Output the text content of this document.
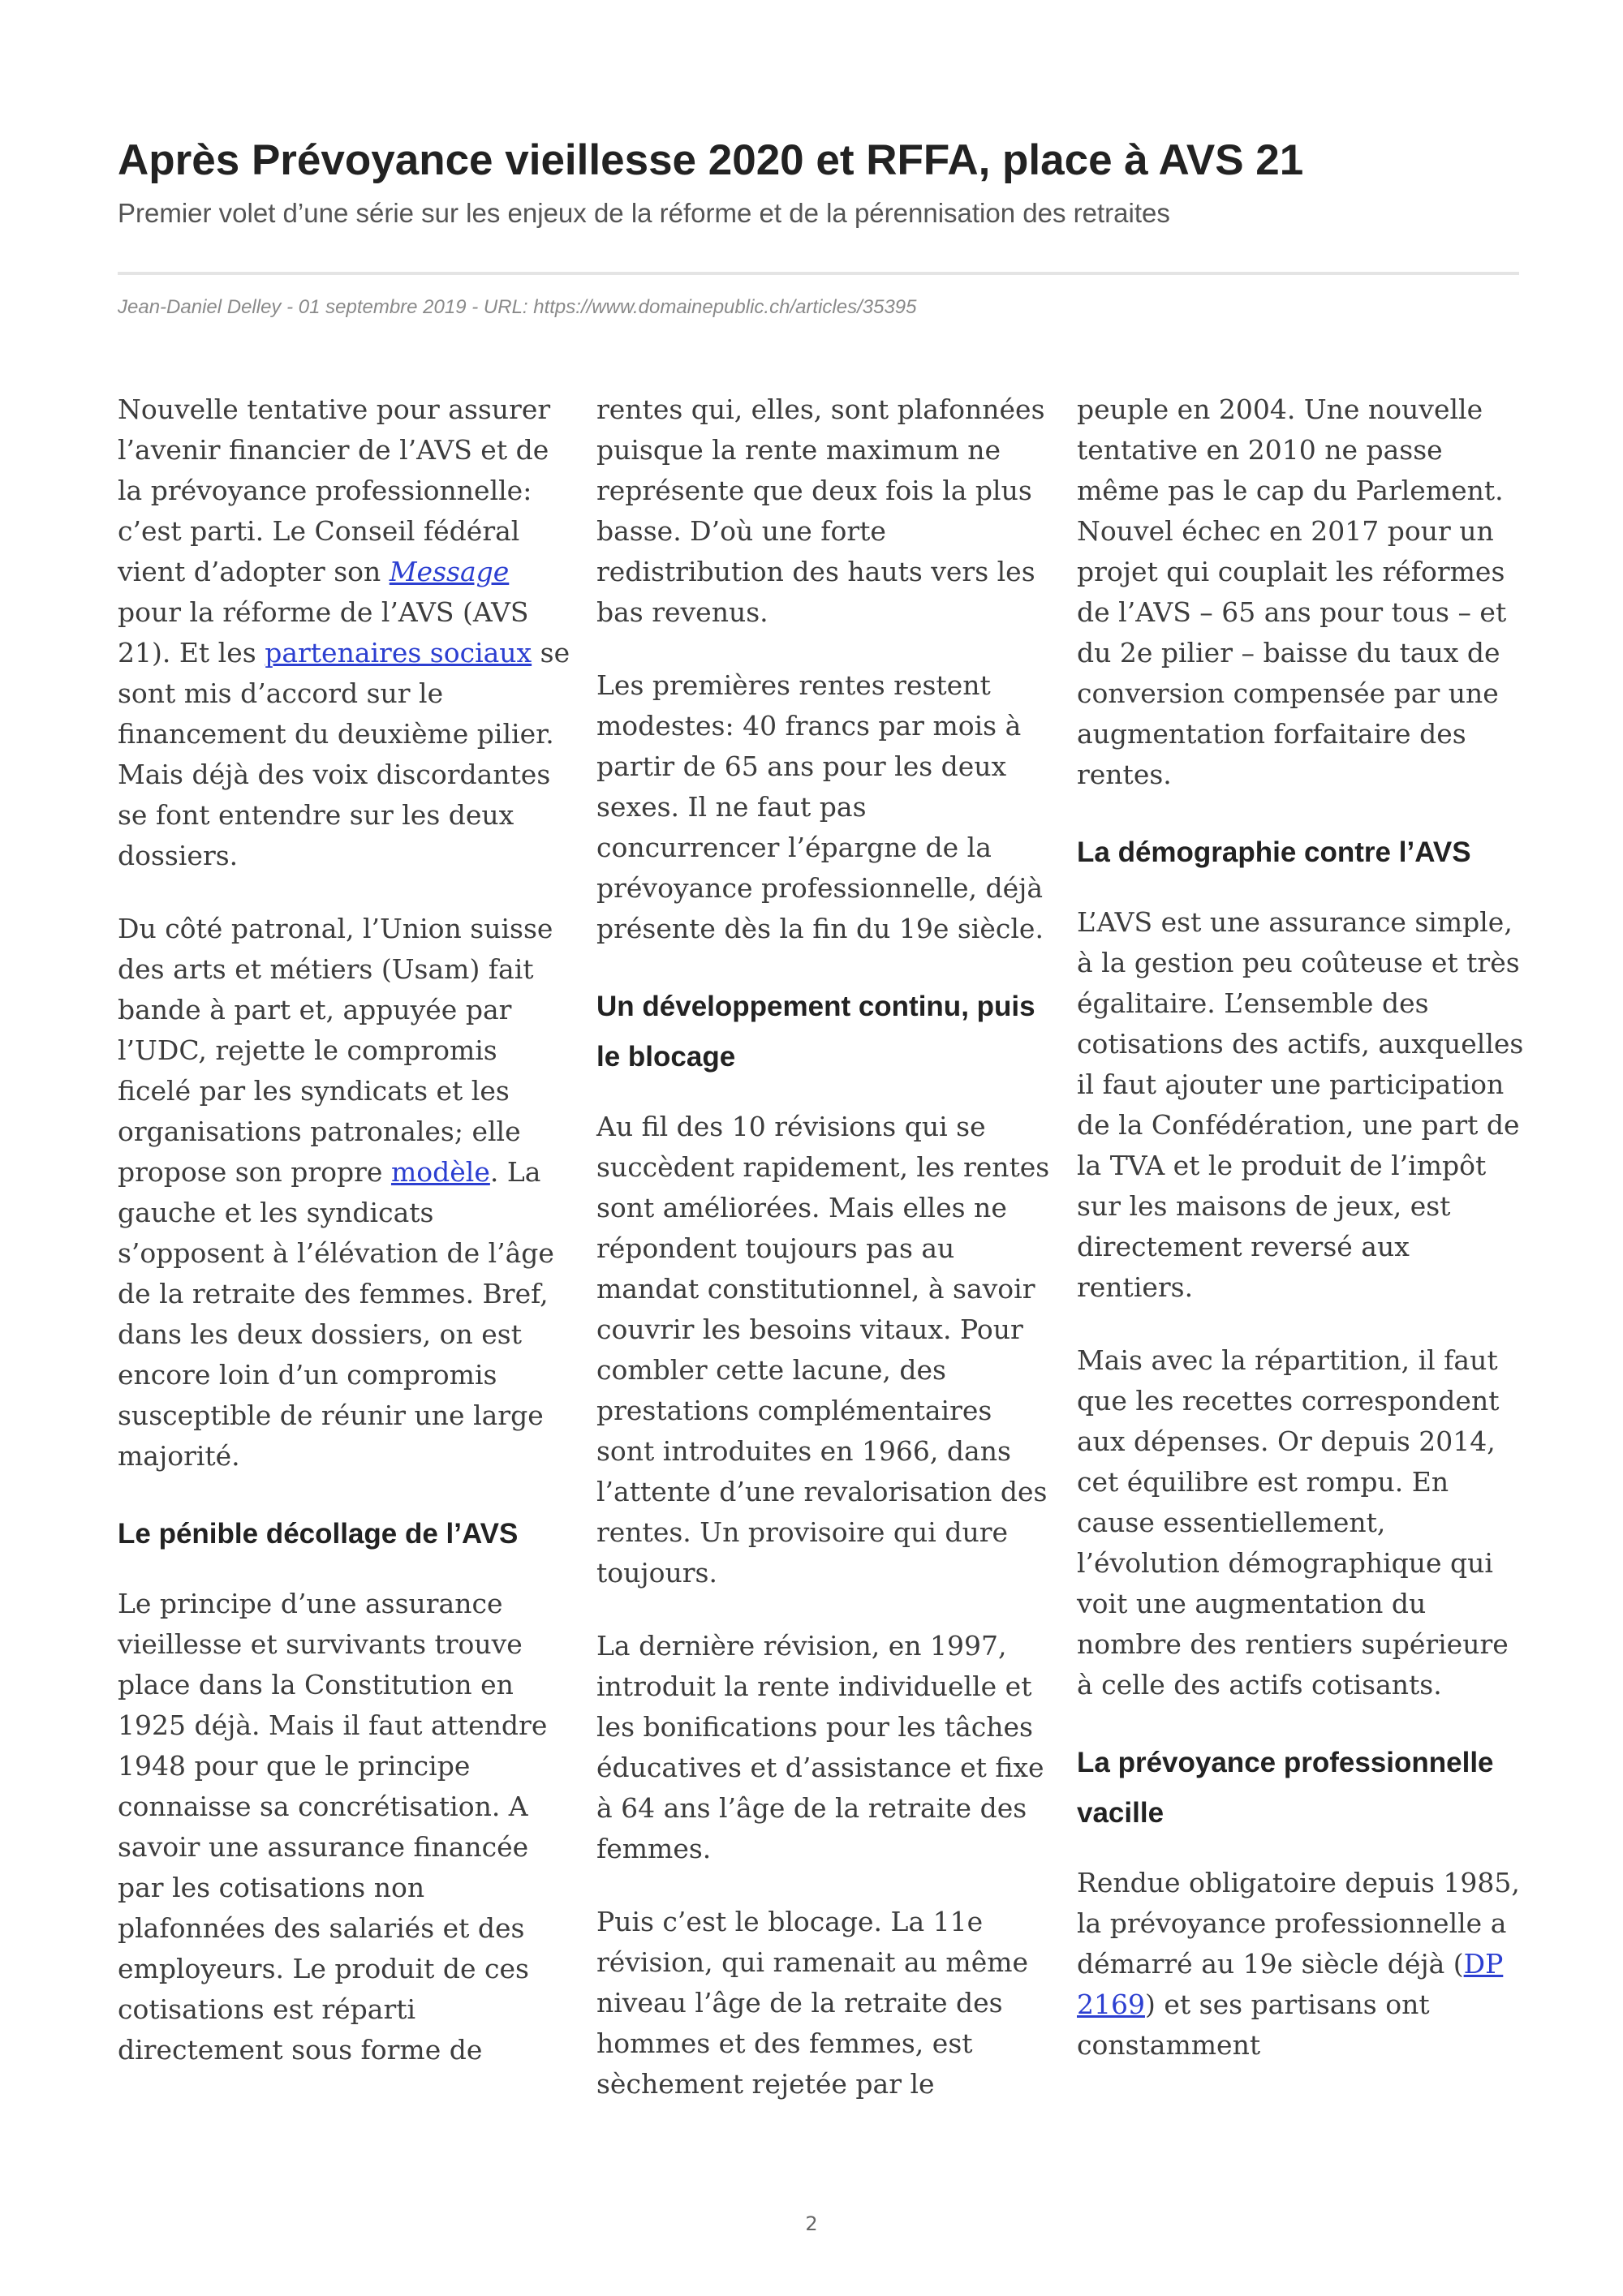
Après Prévoyance vieillesse 2020 et RFFA, place à AVS 21

Premier volet d’une série sur les enjeux de la réforme et de la pérennisation des retraites

Jean-Daniel Delley - 01 septembre 2019 - URL: https://www.domainepublic.ch/articles/35395

Nouvelle tentative pour assurer l’avenir financier de l’AVS et de la prévoyance professionnelle: c’est parti. Le Conseil fédéral vient d’adopter son Message pour la réforme de l’AVS (AVS 21). Et les partenaires sociaux se sont mis d’accord sur le financement du deuxième pilier. Mais déjà des voix discordantes se font entendre sur les deux dossiers.

Du côté patronal, l’Union suisse des arts et métiers (Usam) fait bande à part et, appuyée par l’UDC, rejette le compromis ficelé par les syndicats et les organisations patronales; elle propose son propre modèle. La gauche et les syndicats s’opposent à l’élévation de l’âge de la retraite des femmes. Bref, dans les deux dossiers, on est encore loin d’un compromis susceptible de réunir une large majorité.

Le pénible décollage de l’AVS

Le principe d’une assurance vieillesse et survivants trouve place dans la Constitution en 1925 déjà. Mais il faut attendre 1948 pour que le principe connaisse sa concrétisation. A savoir une assurance financée par les cotisations non plafonnées des salariés et des employeurs. Le produit de ces cotisations est réparti directement sous forme de

rentes qui, elles, sont plafonnées puisque la rente maximum ne représente que deux fois la plus basse. D’où une forte redistribution des hauts vers les bas revenus.

Les premières rentes restent modestes: 40 francs par mois à partir de 65 ans pour les deux sexes. Il ne faut pas concurrencer l’épargne de la prévoyance professionnelle, déjà présente dès la fin du 19e siècle.

Un développement continu, puis le blocage

Au fil des 10 révisions qui se succèdent rapidement, les rentes sont améliorées. Mais elles ne répondent toujours pas au mandat constitutionnel, à savoir couvrir les besoins vitaux. Pour combler cette lacune, des prestations complémentaires sont introduites en 1966, dans l’attente d’une revalorisation des rentes. Un provisoire qui dure toujours.

La dernière révision, en 1997, introduit la rente individuelle et les bonifications pour les tâches éducatives et d’assistance et fixe à 64 ans l’âge de la retraite des femmes.

Puis c’est le blocage. La 11e révision, qui ramenait au même niveau l’âge de la retraite des hommes et des femmes, est sèchement rejetée par le

peuple en 2004. Une nouvelle tentative en 2010 ne passe même pas le cap du Parlement. Nouvel échec en 2017 pour un projet qui couplait les réformes de l’AVS – 65 ans pour tous – et du 2e pilier – baisse du taux de conversion compensée par une augmentation forfaitaire des rentes.

La démographie contre l’AVS

L’AVS est une assurance simple, à la gestion peu coûteuse et très égalitaire. L’ensemble des cotisations des actifs, auxquelles il faut ajouter une participation de la Confédération, une part de la TVA et le produit de l’impôt sur les maisons de jeux, est directement reversé aux rentiers.

Mais avec la répartition, il faut que les recettes correspondent aux dépenses. Or depuis 2014, cet équilibre est rompu. En cause essentiellement, l’évolution démographique qui voit une augmentation du nombre des rentiers supérieure à celle des actifs cotisants.

La prévoyance professionnelle vacille

Rendue obligatoire depuis 1985, la prévoyance professionnelle a démarré au 19e siècle déjà (DP 2169) et ses partisans ont constamment

2
